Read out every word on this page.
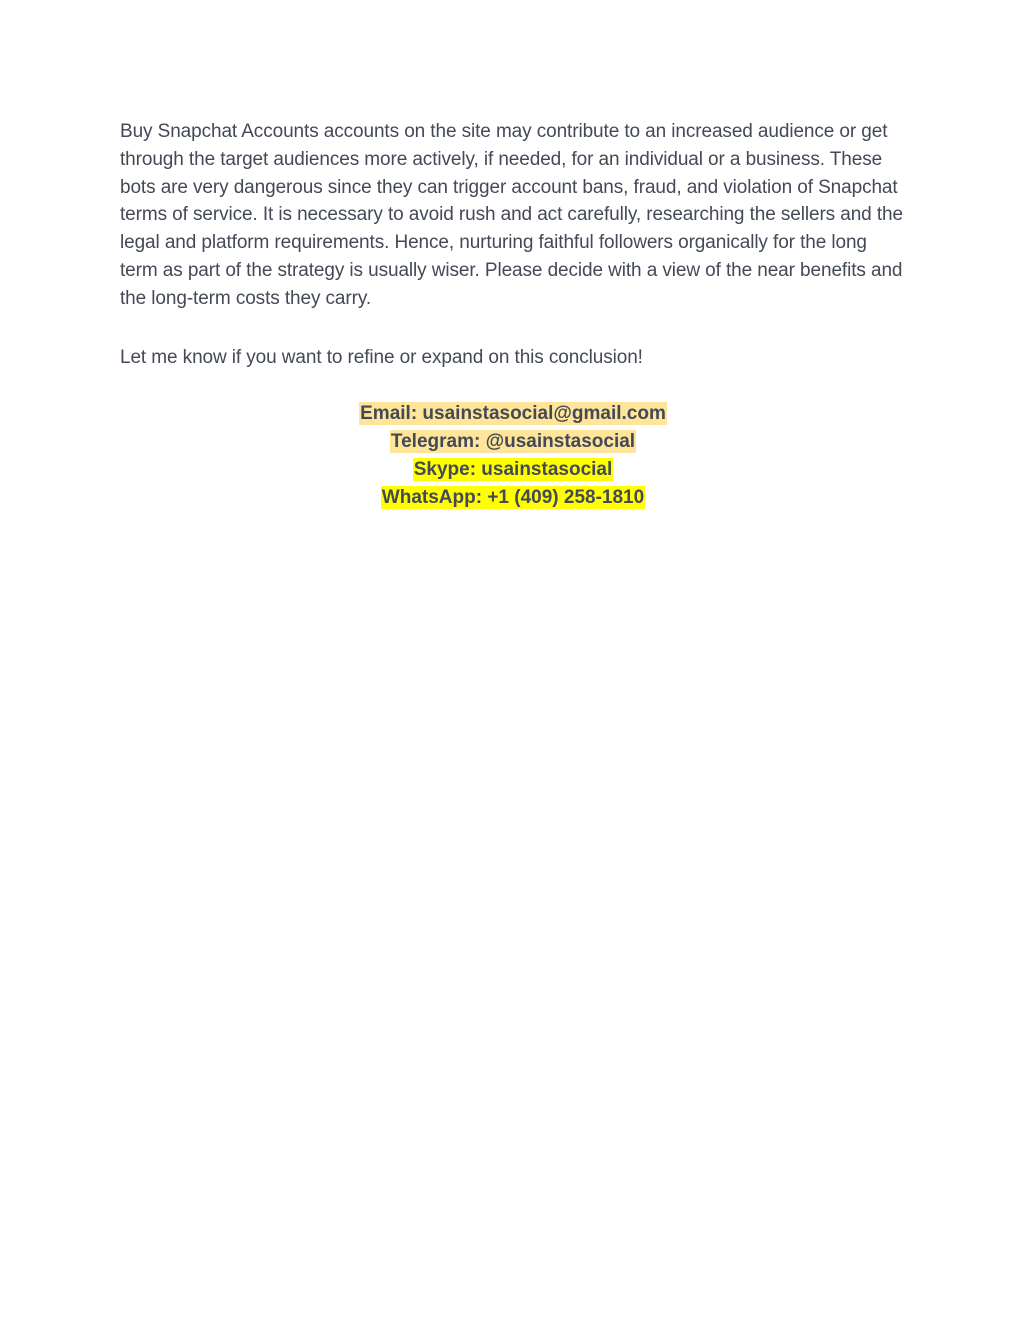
Buy Snapchat Accounts accounts on the site may contribute to an increased audience or get through the target audiences more actively, if needed, for an individual or a business. These bots are very dangerous since they can trigger account bans, fraud, and violation of Snapchat terms of service. It is necessary to avoid rush and act carefully, researching the sellers and the legal and platform requirements. Hence, nurturing faithful followers organically for the long term as part of the strategy is usually wiser. Please decide with a view of the near benefits and the long-term costs they carry.

Let me know if you want to refine or expand on this conclusion!

Email: usainstasocial@gmail.com
Telegram: @usainstasocial
Skype: usainstasocial
WhatsApp: +1 (409) 258-1810
